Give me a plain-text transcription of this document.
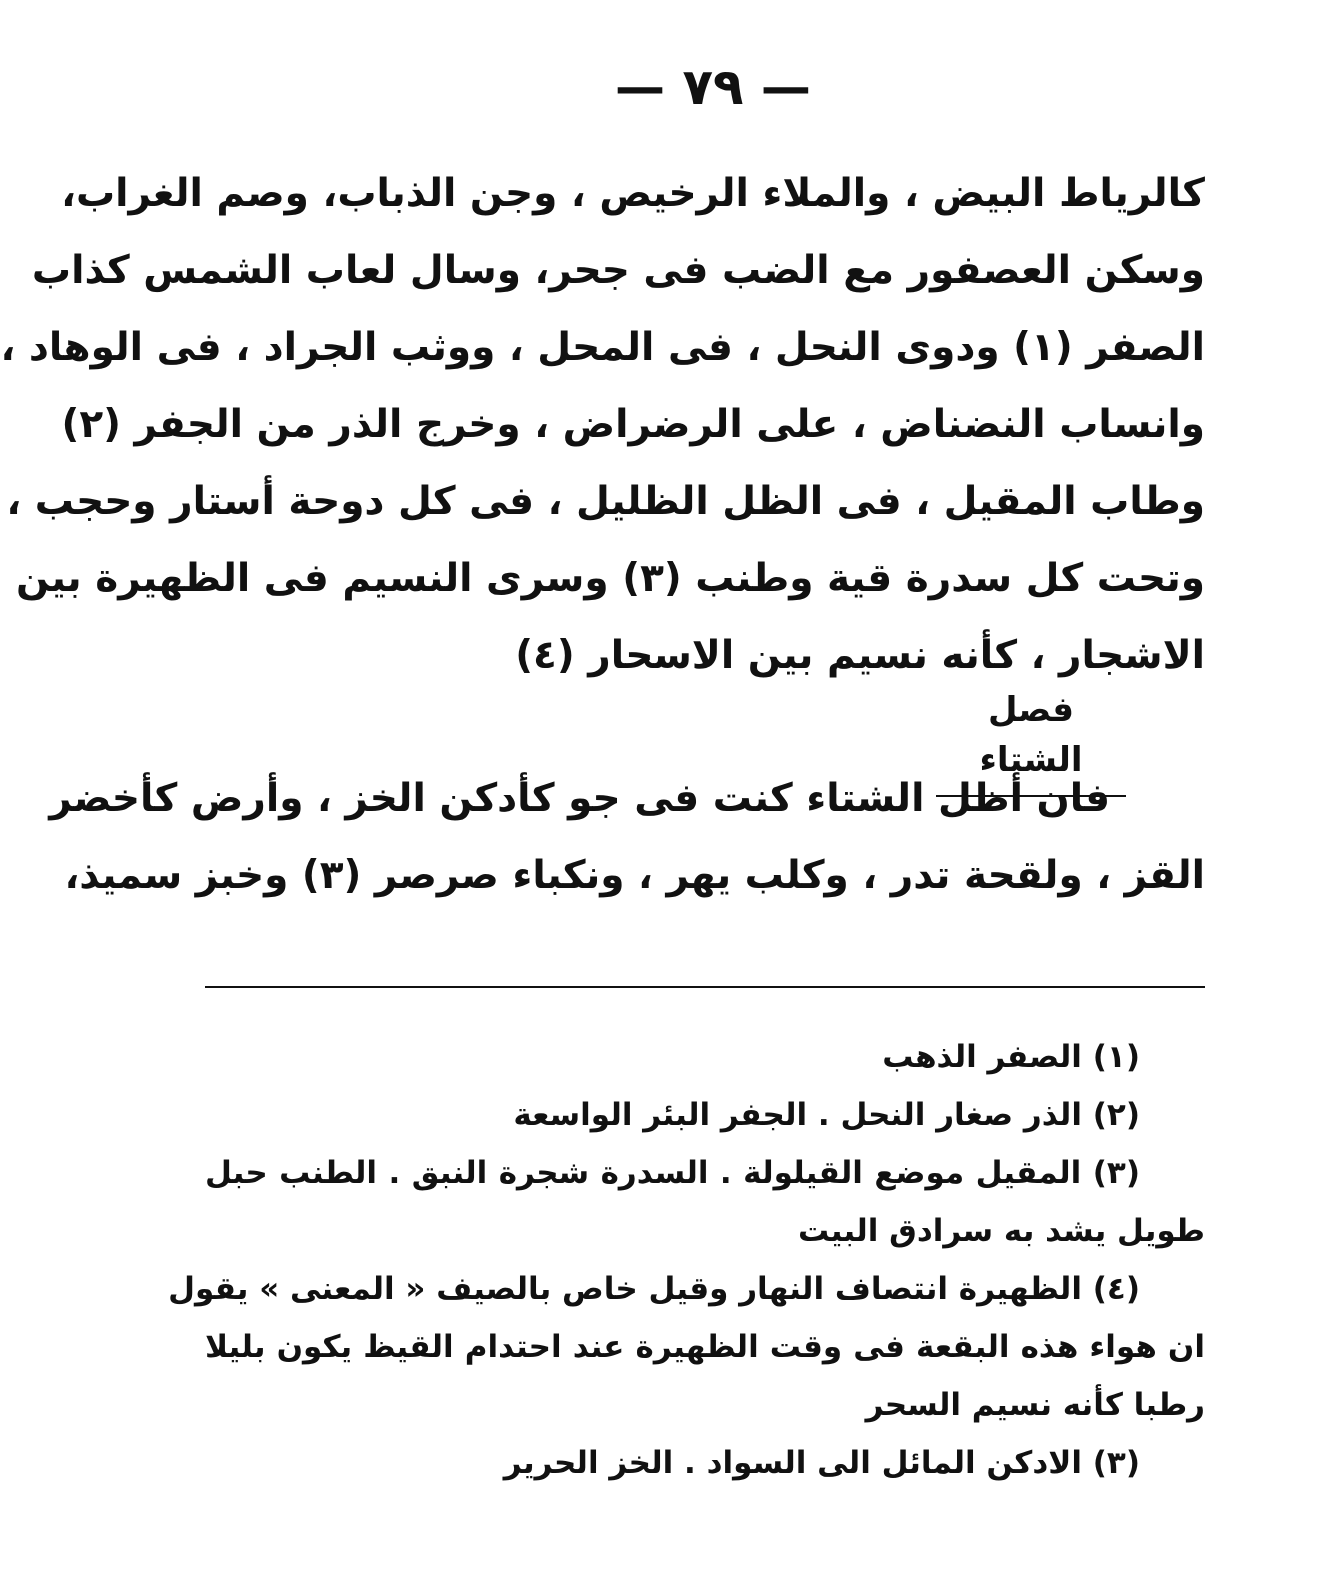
— ٧٩ —
كالرياط البيض ، والملاء الرخيص ، وجن الذباب، وصم الغراب،
وسكن العصفور مع الضب فى جحر، وسال لعاب الشمس كذاب
الصفر (١) ودوى النحل ، فى المحل ، ووثب الجراد ، فى الوهاد ،
وانساب النضناض ، على الرضراض ، وخرج الذر من الجفر (٢)
وطاب المقيل ، فى الظل الظليل ، فى كل دوحة أستار وحجب ،
وتحت كل سدرة قية وطنب (٣) وسرى النسيم فى الظهيرة بين
الاشجار ، كأنه نسيم بين الاسحار (٤)
فصل الشتاء
فان أظل الشتاء كنت فى جو كأدكن الخز ، وأرض كأخضر
القز ، ولقحة تدر ، وكلب يهر ، ونكباء صرصر (٣) وخبز سميذ،
(١) الصفر الذهب
(٢) الذر صغار النحل . الجفر البئر الواسعة
(٣) المقيل موضع القيلولة . السدرة شجرة النبق . الطنب حبل
طويل يشد به سرادق البيت
(٤) الظهيرة انتصاف النهار وقيل خاص بالصيف « المعنى » يقول
ان هواء هذه البقعة فى وقت الظهيرة عند احتدام القيظ يكون بليلا
رطبا كأنه نسيم السحر
(٣) الادكن المائل الى السواد . الخز الحرير
